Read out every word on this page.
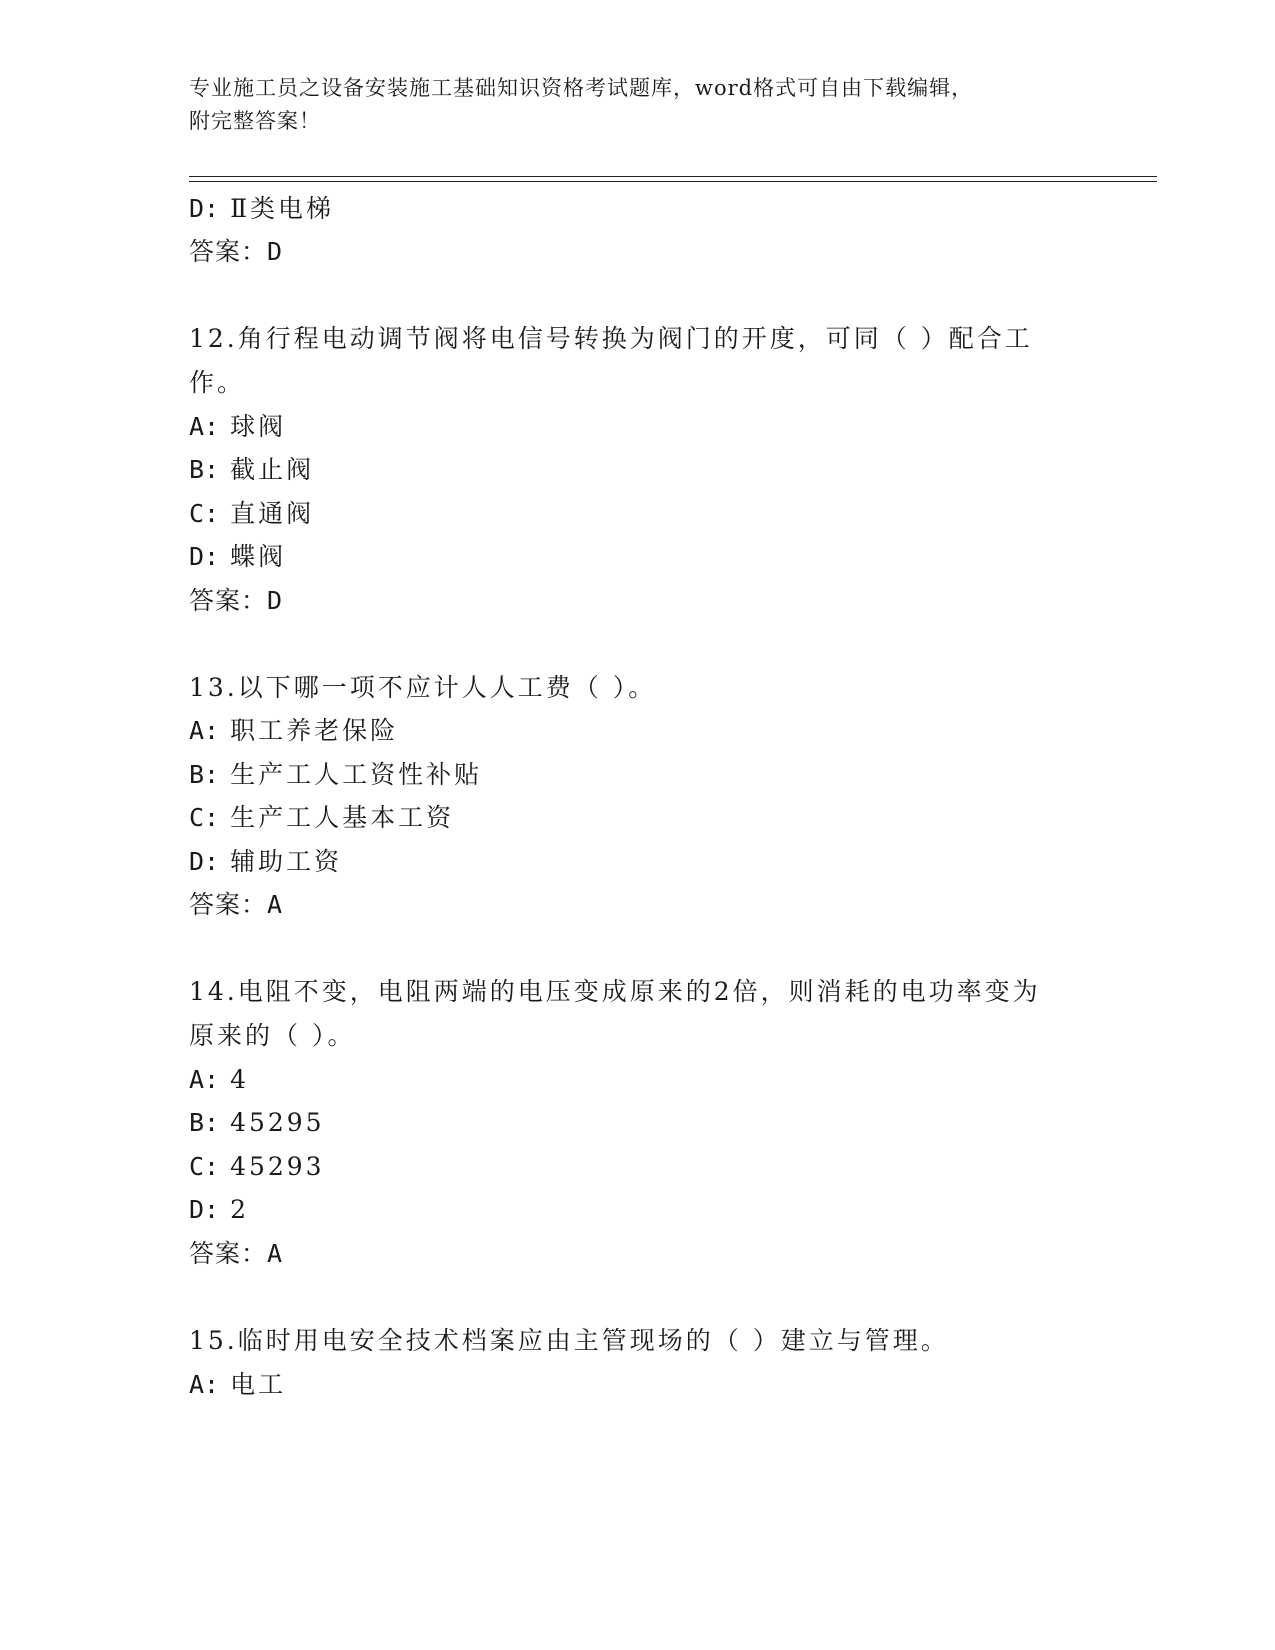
专业施工员之设备安装施工基础知识资格考试题库，word格式可自由下载编辑，
附完整答案！
D: Ⅱ类电梯
答案：D
12.角行程电动调节阀将电信号转换为阀门的开度，可同（ ）配合工
作。
A: 球阀
B: 截止阀
C: 直通阀
D: 蝶阀
答案：D
13.以下哪一项不应计人人工费（ ）。
A: 职工养老保险
B: 生产工人工资性补贴
C: 生产工人基本工资
D: 辅助工资
答案：A
14.电阻不变，电阻两端的电压变成原来的2倍，则消耗的电功率变为
原来的（ ）。
A: 4
B: 45295
C: 45293
D: 2
答案：A
15.临时用电安全技术档案应由主管现场的（ ）建立与管理。
A: 电工
